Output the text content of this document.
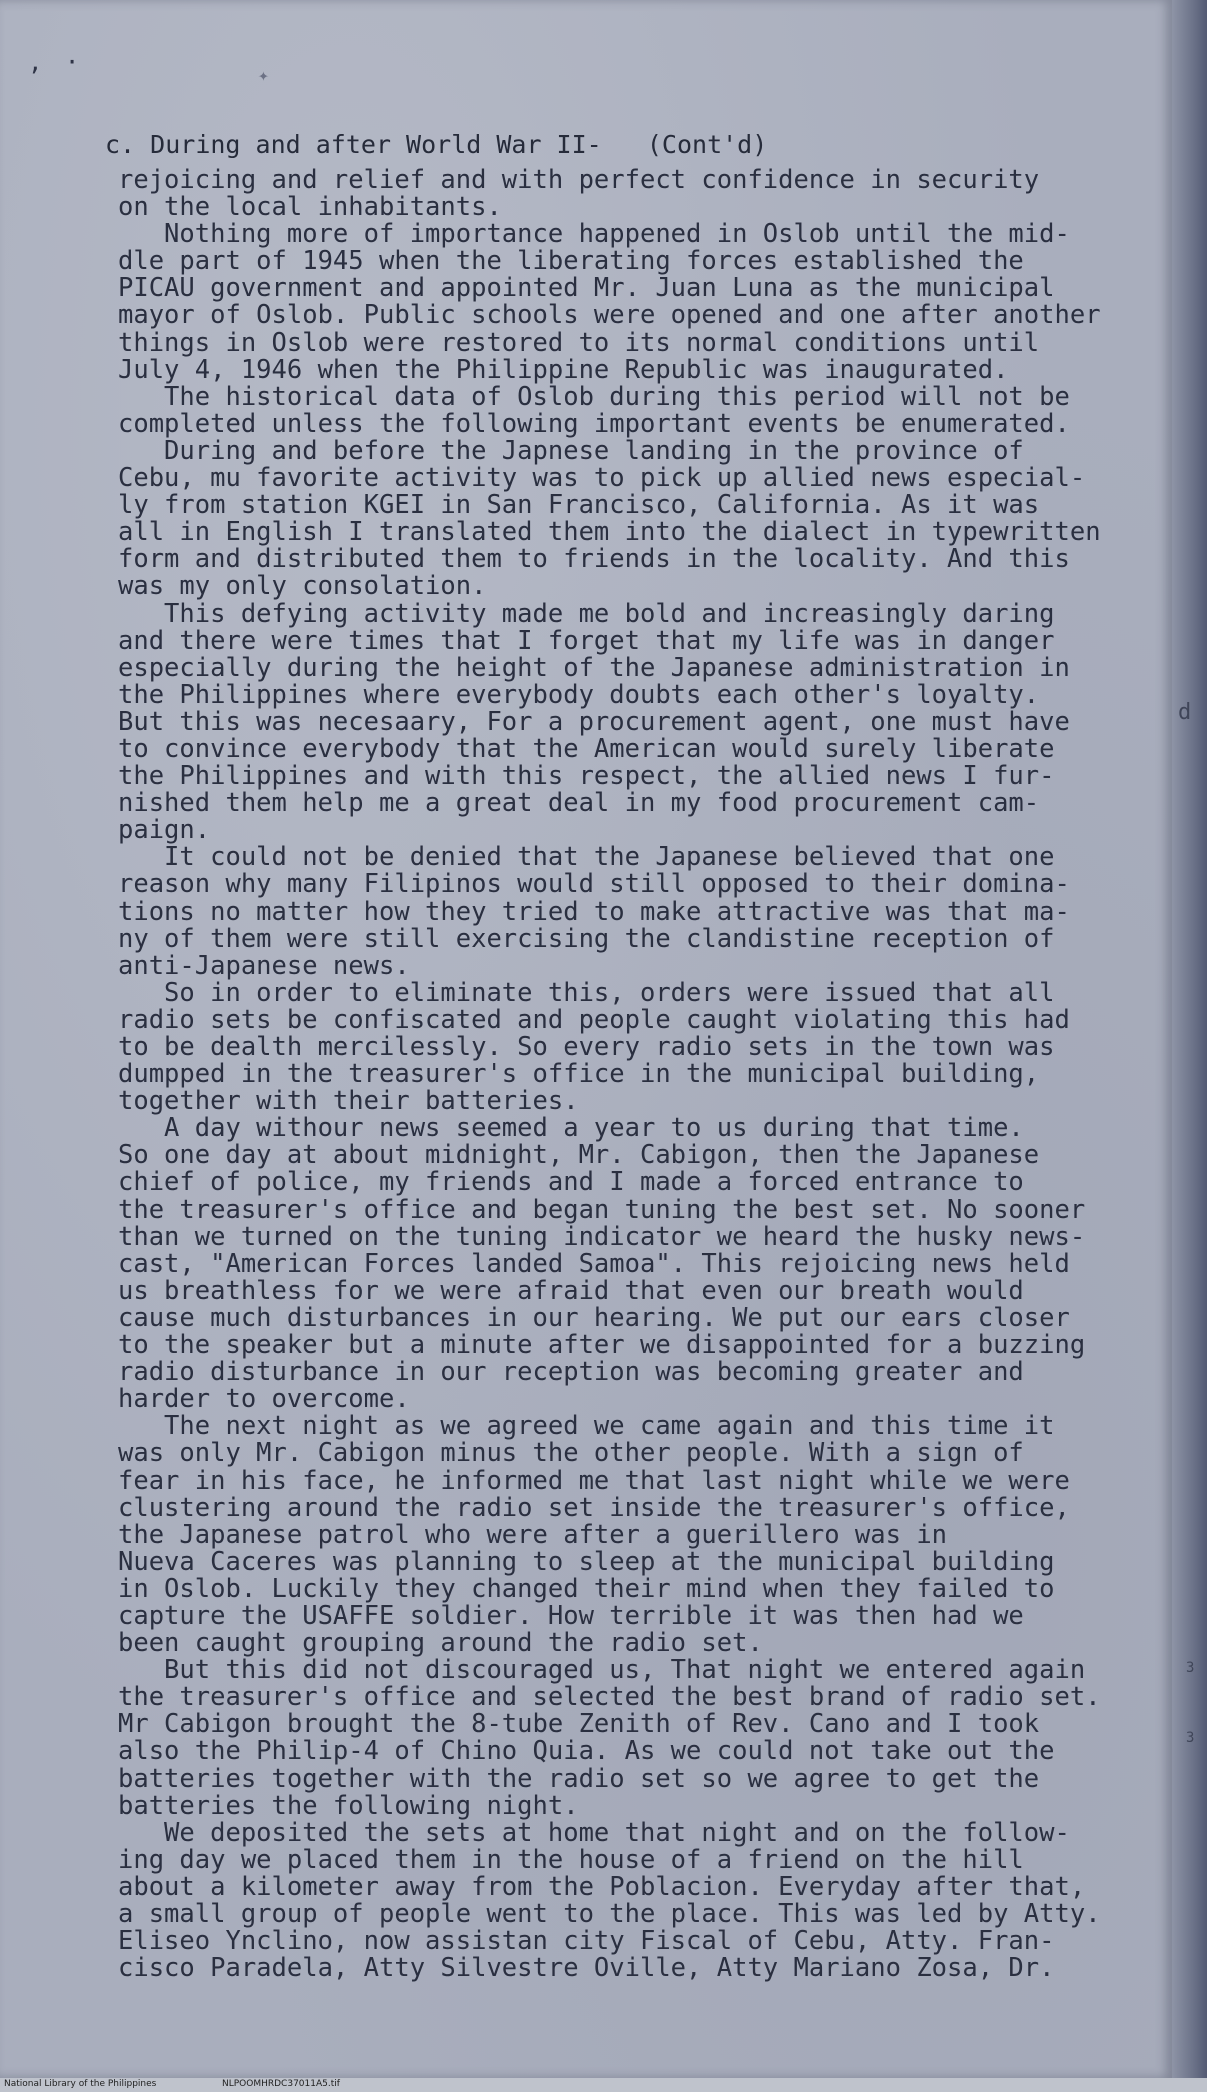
, ·	✦
c. During and after World War II- (Cont'd)
rejoicing and relief and with perfect confidence in security
on the local inhabitants.
Nothing more of importance happened in Oslob until the mid-
dle part of 1945 when the liberating forces established the
PICAU government and appointed Mr. Juan Luna as the municipal
mayor of Oslob. Public schools were opened and one after another
things in Oslob were restored to its normal conditions until
July 4, 1946 when the Philippine Republic was inaugurated.
The historical data of Oslob during this period will not be
completed unless the following important events be enumerated.
During and before the Japnese landing in the province of
Cebu, mu favorite activity was to pick up allied news especial-
ly from station KGEI in San Francisco, California. As it was
all in English I translated them into the dialect in typewritten
form and distributed them to friends in the locality. And this
was my only consolation.
This defying activity made me bold and increasingly daring
and there were times that I forget that my life was in danger
especially during the height of the Japanese administration in
the Philippines where everybody doubts each other's loyalty.
But this was necesaary, For a procurement agent, one must have
to convince everybody that the American would surely liberate
the Philippines and with this respect, the allied news I fur-
nished them help me a great deal in my food procurement cam-
paign.
It could not be denied that the Japanese believed that one
reason why many Filipinos would still opposed to their domina-
tions no matter how they tried to make attractive was that ma-
ny of them were still exercising the clandistine reception of
anti-Japanese news.
So in order to eliminate this, orders were issued that all
radio sets be confiscated and people caught violating this had
to be dealth mercilessly. So every radio sets in the town was
dumpped in the treasurer's office in the municipal building,
together with their batteries.
A day withour news seemed a year to us during that time.
So one day at about midnight, Mr. Cabigon, then the Japanese
chief of police, my friends and I made a forced entrance to
the treasurer's office and began tuning the best set. No sooner
than we turned on the tuning indicator we heard the husky news-
cast, "American Forces landed Samoa". This rejoicing news held
us breathless for we were afraid that even our breath would
cause much disturbances in our hearing. We put our ears closer
to the speaker but a minute after we disappointed for a buzzing
radio disturbance in our reception was becoming greater and
harder to overcome.
The next night as we agreed we came again and this time it
was only Mr. Cabigon minus the other people. With a sign of
fear in his face, he informed me that last night while we were
clustering around the radio set inside the treasurer's office,
the Japanese patrol who were after a guerillero was in
Nueva Caceres was planning to sleep at the municipal building
in Oslob. Luckily they changed their mind when they failed to
capture the USAFFE soldier. How terrible it was then had we
been caught grouping around the radio set.
But this did not discouraged us, That night we entered again
the treasurer's office and selected the best brand of radio set.
Mr Cabigon brought the 8-tube Zenith of Rev. Cano and I took
also the Philip-4 of Chino Quia. As we could not take out the
batteries together with the radio set so we agree to get the
batteries the following night.
We deposited the sets at home that night and on the follow-
ing day we placed them in the house of a friend on the hill
about a kilometer away from the Poblacion. Everyday after that,
a small group of people went to the place. This was led by Atty.
Eliseo Ynclino, now assistan city Fiscal of Cebu, Atty. Fran-
cisco Paradela, Atty Silvestre Oville, Atty Mariano Zosa, Dr.
d
3
3
National Library of the Philippines	NLPOOMHRDC37011A5.tif
